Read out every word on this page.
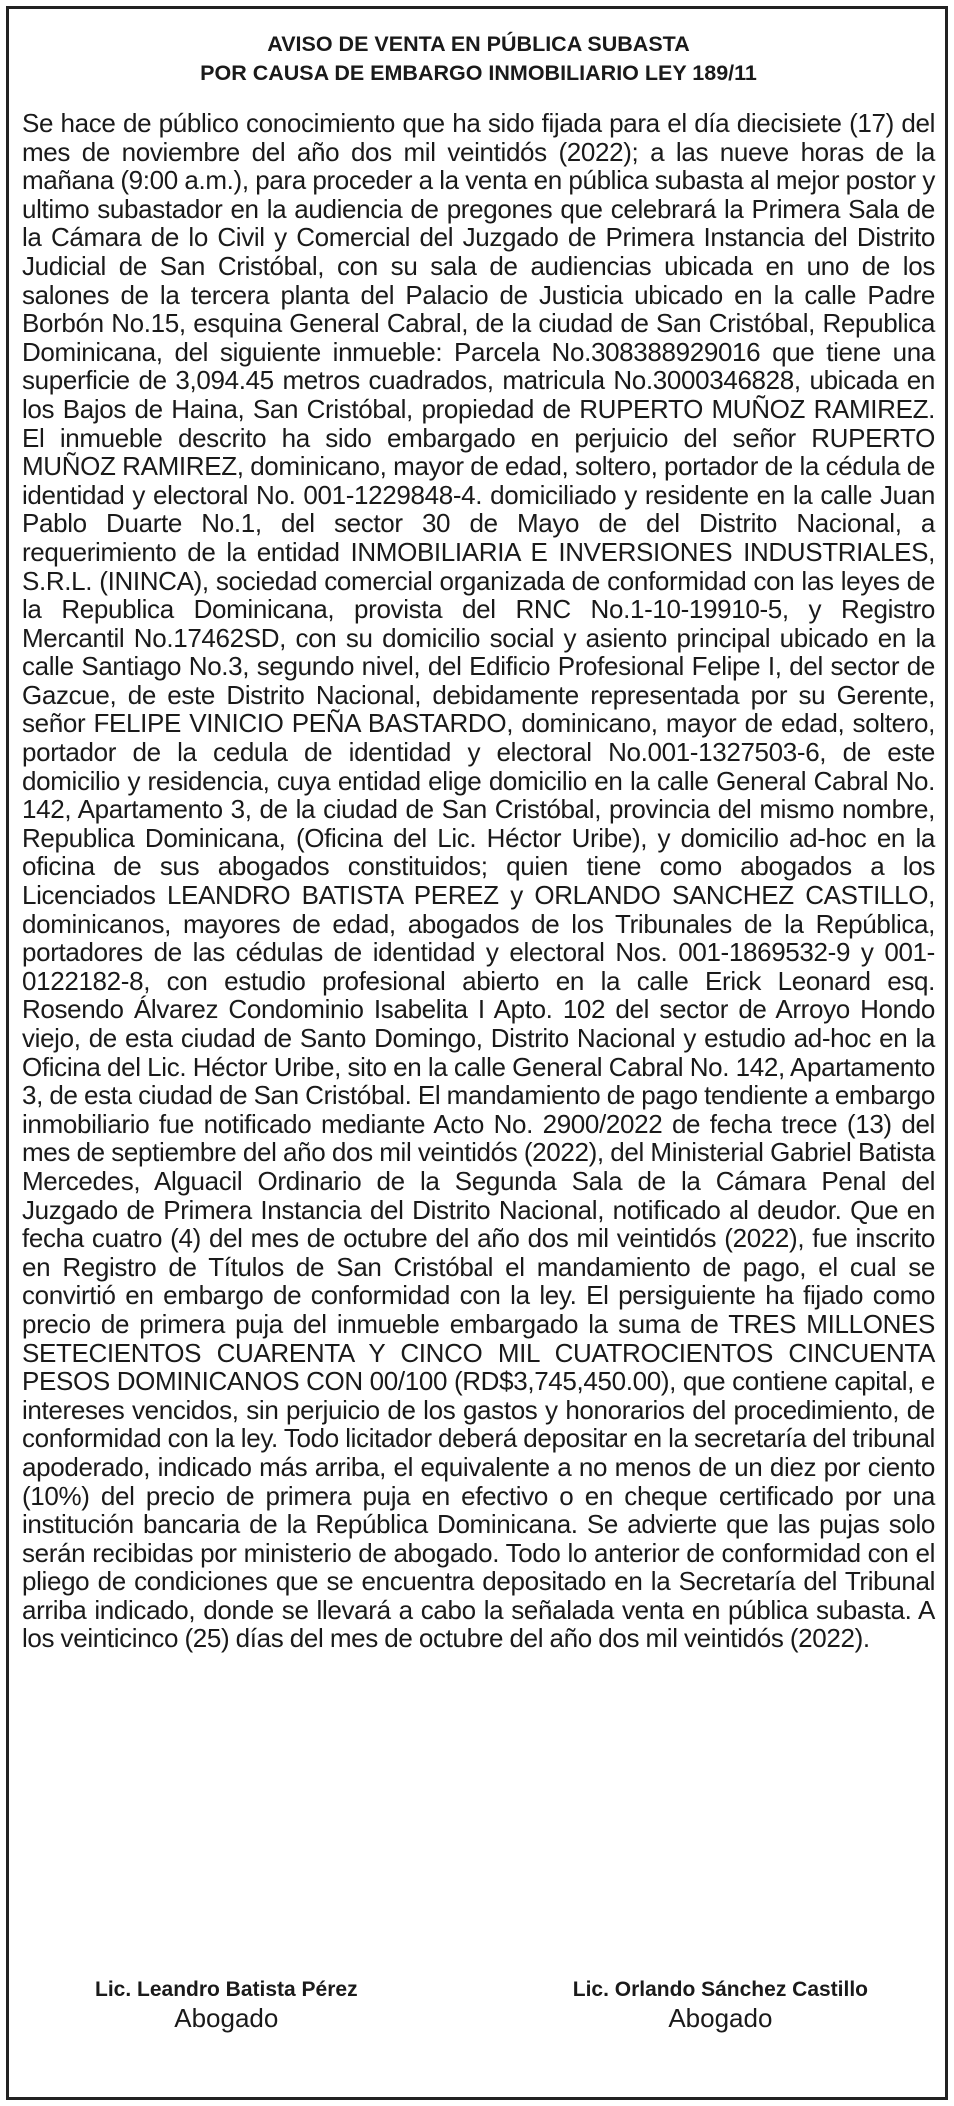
AVISO DE VENTA EN PÚBLICA SUBASTA
POR CAUSA DE EMBARGO INMOBILIARIO LEY 189/11

Se hace de público conocimiento que ha sido fijada para el día diecisiete (17) del mes de noviembre del año dos mil veintidós (2022); a las nueve horas de la mañana (9:00 a.m.), para proceder a la venta en pública subasta al mejor postor y ultimo subastador en la audiencia de pregones que celebrará la Primera Sala de la Cámara de lo Civil y Comercial del Juzgado de Primera Instancia del Distrito Judicial de San Cristóbal, con su sala de audiencias ubicada en uno de los salones de la tercera planta del Palacio de Justicia ubicado en la calle Padre Borbón No.15, esquina General Cabral, de la ciudad de San Cristóbal, Republica Dominicana, del siguiente inmueble: Parcela No.308388929016 que tiene una superficie de 3,094.45 metros cuadrados, matricula No.3000346828, ubicada en los Bajos de Haina, San Cristóbal, propiedad de RUPERTO MUÑOZ RAMIREZ. El inmueble descrito ha sido embargado en perjuicio del señor RUPERTO MUÑOZ RAMIREZ, dominicano, mayor de edad, soltero, portador de la cédula de identidad y electoral No. 001-1229848-4. domiciliado y residente en la calle Juan Pablo Duarte No.1, del sector 30 de Mayo de del Distrito Nacional, a requerimiento de la entidad INMOBILIARIA E INVERSIONES INDUSTRIALES, S.R.L. (ININCA), sociedad comercial organizada de conformidad con las leyes de la Republica Dominicana, provista del RNC No.1-10-19910-5, y Registro Mercantil No.17462SD, con su domicilio social y asiento principal ubicado en la calle Santiago No.3, segundo nivel, del Edificio Profesional Felipe I, del sector de Gazcue, de este Distrito Nacional, debidamente representada por su Gerente, señor FELIPE VINICIO PEÑA BASTARDO, dominicano, mayor de edad, soltero, portador de la cedula de identidad y electoral No.001-1327503-6, de este domicilio y residencia, cuya entidad elige domicilio en la calle General Cabral No. 142, Apartamento 3, de la ciudad de San Cristóbal, provincia del mismo nombre, Republica Dominicana, (Oficina del Lic. Héctor Uribe), y domicilio ad-hoc en la oficina de sus abogados constituidos; quien tiene como abogados a los Licenciados LEANDRO BATISTA PEREZ y ORLANDO SANCHEZ CASTILLO, dominicanos, mayores de edad, abogados de los Tribunales de la República, portadores de las cédulas de identidad y electoral Nos. 001-1869532-9 y 001-0122182-8, con estudio profesional abierto en la calle Erick Leonard esq. Rosendo Álvarez Condominio Isabelita I Apto. 102 del sector de Arroyo Hondo viejo, de esta ciudad de Santo Domingo, Distrito Nacional y estudio ad-hoc en la Oficina del Lic. Héctor Uribe, sito en la calle General Cabral No. 142, Apartamento 3, de esta ciudad de San Cristóbal. El mandamiento de pago tendiente a embargo inmobiliario fue notificado mediante Acto No. 2900/2022 de fecha trece (13) del mes de septiembre del año dos mil veintidós (2022), del Ministerial Gabriel Batista Mercedes, Alguacil Ordinario de la Segunda Sala de la Cámara Penal del Juzgado de Primera Instancia del Distrito Nacional, notificado al deudor. Que en fecha cuatro (4) del mes de octubre del año dos mil veintidós (2022), fue inscrito en Registro de Títulos de San Cristóbal el mandamiento de pago, el cual se convirtió en embargo de conformidad con la ley. El persiguiente ha fijado como precio de primera puja del inmueble embargado la suma de TRES MILLONES SETECIENTOS CUARENTA Y CINCO MIL CUATROCIENTOS CINCUENTA PESOS DOMINICANOS CON 00/100 (RD$3,745,450.00), que contiene capital, e intereses vencidos, sin perjuicio de los gastos y honorarios del procedimiento, de conformidad con la ley. Todo licitador deberá depositar en la secretaría del tribunal apoderado, indicado más arriba, el equivalente a no menos de un diez por ciento (10%) del precio de primera puja en efectivo o en cheque certificado por una institución bancaria de la República Dominicana. Se advierte que las pujas solo serán recibidas por ministerio de abogado. Todo lo anterior de conformidad con el pliego de condiciones que se encuentra depositado en la Secretaría del Tribunal arriba indicado, donde se llevará a cabo la señalada venta en pública subasta. A los veinticinco (25) días del mes de octubre del año dos mil veintidós (2022).

Lic. Leandro Batista Pérez
Abogado
Lic. Orlando Sánchez Castillo
Abogado
